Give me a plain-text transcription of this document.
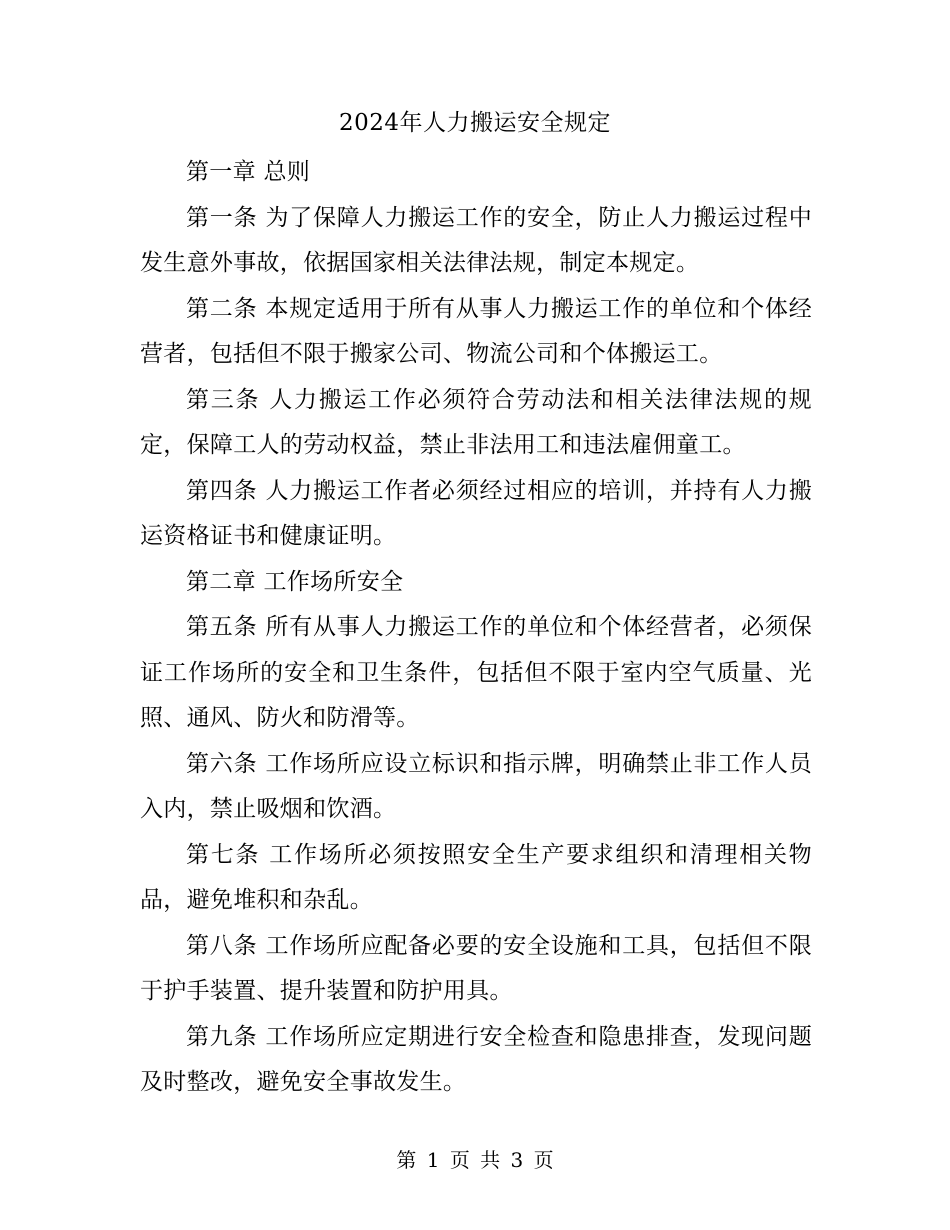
2024年人力搬运安全规定

第一章 总则

第一条 为了保障人力搬运工作的安全，防止人力搬运过程中发生意外事故，依据国家相关法律法规，制定本规定。

第二条 本规定适用于所有从事人力搬运工作的单位和个体经营者，包括但不限于搬家公司、物流公司和个体搬运工。

第三条 人力搬运工作必须符合劳动法和相关法律法规的规定，保障工人的劳动权益，禁止非法用工和违法雇佣童工。

第四条 人力搬运工作者必须经过相应的培训，并持有人力搬运资格证书和健康证明。

第二章 工作场所安全

第五条 所有从事人力搬运工作的单位和个体经营者，必须保证工作场所的安全和卫生条件，包括但不限于室内空气质量、光照、通风、防火和防滑等。

第六条 工作场所应设立标识和指示牌，明确禁止非工作人员入内，禁止吸烟和饮酒。

第七条 工作场所必须按照安全生产要求组织和清理相关物品，避免堆积和杂乱。

第八条 工作场所应配备必要的安全设施和工具，包括但不限于护手装置、提升装置和防护用具。

第九条 工作场所应定期进行安全检查和隐患排查，发现问题及时整改，避免安全事故发生。

第 1 页 共 3 页
